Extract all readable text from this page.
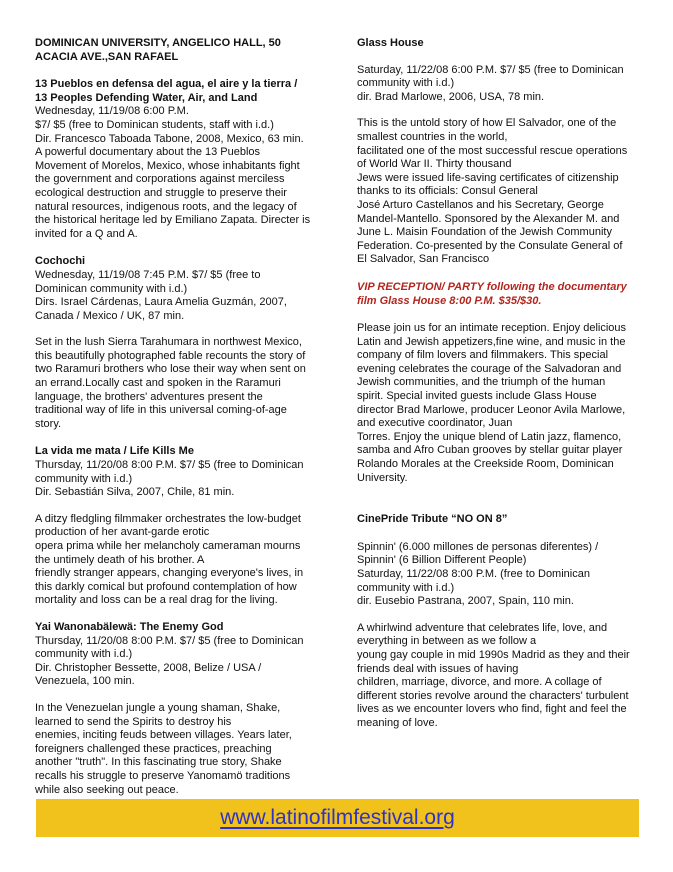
DOMINICAN UNIVERSITY, ANGELICO HALL, 50
ACACIA AVE.,SAN RAFAEL
13 Pueblos en defensa del agua, el aire y la tierra /
13 Peoples Defending Water, Air, and Land
Wednesday, 11/19/08 6:00 P.M.
$7/ $5 (free to Dominican students, staff with i.d.)
Dir. Francesco Taboada Tabone, 2008, Mexico, 63 min.
A powerful documentary about the 13 Pueblos
Movement of Morelos, Mexico, whose inhabitants fight
the government and corporations against merciless
ecological destruction and struggle to preserve their
natural resources, indigenous roots, and the legacy of
the historical heritage led by Emiliano Zapata. Directer is
invited for a Q and A.
Cochochi
Wednesday, 11/19/08 7:45 P.M. $7/ $5 (free to
Dominican community with i.d.)
Dirs. Israel Cárdenas, Laura Amelia Guzmán, 2007,
Canada / Mexico / UK, 87 min.
Set in the lush Sierra Tarahumara in northwest Mexico,
this beautifully photographed fable recounts the story of
two Raramuri brothers who lose their way when sent on
an errand.Locally cast and spoken in the Raramuri
language, the brothers' adventures present the
traditional way of life in this universal coming-of-age
story.
La vida me mata / Life Kills Me
Thursday, 11/20/08 8:00 P.M. $7/ $5 (free to Dominican
community with i.d.)
Dir. Sebastián Silva, 2007, Chile, 81 min.
A ditzy fledgling filmmaker orchestrates the low-budget
production of her avant-garde erotic
opera prima while her melancholy cameraman mourns
the untimely death of his brother. A
friendly stranger appears, changing everyone's lives, in
this darkly comical but profound contemplation of how
mortality and loss can be a real drag for the living.
Yai Wanonabälewä: The Enemy God
Thursday, 11/20/08 8:00 P.M. $7/ $5 (free to Dominican
community with i.d.)
Dir. Christopher Bessette, 2008, Belize / USA /
Venezuela, 100 min.
In the Venezuelan jungle a young shaman, Shake,
learned to send the Spirits to destroy his
enemies, inciting feuds between villages. Years later,
foreigners challenged these practices, preaching
another "truth". In this fascinating true story, Shake
recalls his struggle to preserve Yanomamö traditions
while also seeking out peace.
Glass House
Saturday, 11/22/08 6:00 P.M. $7/ $5 (free to Dominican
community with i.d.)
dir. Brad Marlowe, 2006, USA, 78 min.
This is the untold story of how El Salvador, one of the
smallest countries in the world,
facilitated one of the most successful rescue operations
of World War II. Thirty thousand
Jews were issued life-saving certificates of citizenship
thanks to its officials: Consul General
José Arturo Castellanos and his Secretary, George
Mandel-Mantello. Sponsored by the Alexander M. and
June L. Maisin Foundation of the Jewish Community
Federation. Co-presented by the Consulate General of
El Salvador, San Francisco
VIP RECEPTION/ PARTY following the documentary
film Glass House 8:00 P.M. $35/$30.
Please join us for an intimate reception. Enjoy delicious
Latin and Jewish appetizers,fine wine, and music in the
company of film lovers and filmmakers. This special
evening celebrates the courage of the Salvadoran and
Jewish communities, and the triumph of the human
spirit. Special invited guests include Glass House
director Brad Marlowe, producer Leonor Avila Marlowe,
and executive coordinator, Juan
Torres. Enjoy the unique blend of Latin jazz, flamenco,
samba and Afro Cuban grooves by stellar guitar player
Rolando Morales at the Creekside Room, Dominican
University.
CinePride Tribute “NO ON 8”
Spinnin' (6.000 millones de personas diferentes) /
Spinnin' (6 Billion Different People)
Saturday, 11/22/08 8:00 P.M. (free to Dominican
community with i.d.)
dir. Eusebio Pastrana, 2007, Spain, 110 min.
A whirlwind adventure that celebrates life, love, and
everything in between as we follow a
young gay couple in mid 1990s Madrid as they and their
friends deal with issues of having
children, marriage, divorce, and more. A collage of
different stories revolve around the characters' turbulent
lives as we encounter lovers who find, fight and feel the
meaning of love.
www.latinofilmfestival.org
